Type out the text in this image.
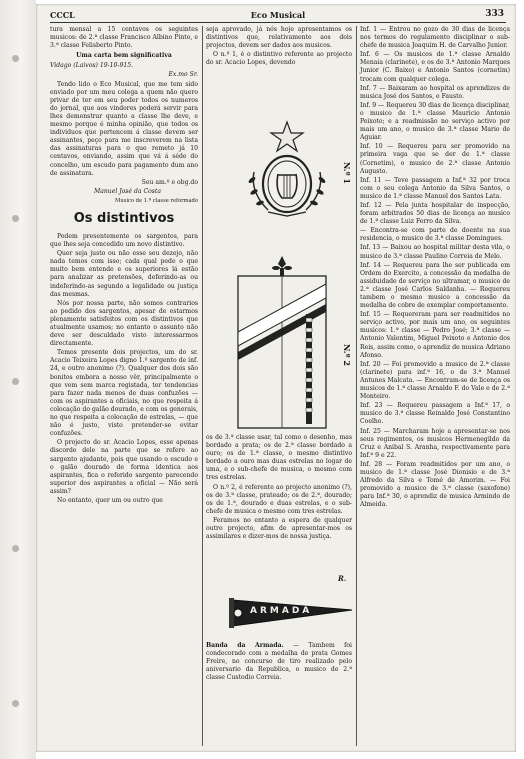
CCCL	Eco Musical	333

tura mensal a 15 centavos os seguintes musicos: de 2.ª classe Francisco Albino Pinto, e 3.ª classe Felisberto Pinto.

Uma carta bem significativa

Vidago (Laivos) 19-10-915.

Ex.mo Sr.

Tendo lido o Eco Musical, que me tem sido enviado por um meu colega a quem não quero privar de ter em seu poder todos os numeros do jornal, que aos vindores poderá servir para lhes demonstrar quanto a classe lhe deve, e mesmo porque é minha opinião, que todos os individuos que pertencem á classe devem ser assinantes, peço para me inscreverem na lista das assinaturas para o que remeto já 10 centavos, enviando, assim que vá á séde do concelho, um escudo para pagamento dum ano de assinatura.

Seu am.º e obg.do

Manuel José da Costa

Musico de 1.ª classe reformado

Os distintivos

Pedem presentemente os sargentos, para que lhes seja concedido um novo distintivo.

Quer seja justo ou não esse seu dezejo, não nada temos com isso; cada qual pede o que muito bem entende e os superiores lá estão para analizar as pretensões, deferindo-as ou indeferindo-as segundo a legalidade ou justiça das mesmas.

Nós por nossa parte, não somos contrarios ao pedido dos sargentos, apesar de estarmos plenamente satisfeitos com os distintivos que atualmente usamos; no entanto o assunto não deve ser desculdado visto interessarmos directamente.

Temos presente dois projectos, um do sr. Acacio Teixeira Lopes digno 1.º sargento de inf. 24, e outro anonimo (?). Qualquer dos dois são bonitos embora a nosso vêr, principalmente o que vem sem marca registada, ter tendencias para fazer nada menos de duas confuzões — com os aspirantes a oficiais, no que respeita á colocação do galão dourado, e com os generais, no que respeita a colocação de estrelas, — que não é justo, visto pretender-se evitar confuzões.

O projecto do sr. Acacio Lopes, esse apenas discorde dele na parte que se refere ao sargento ajudante, pois que usando o escudo e o galão dourado de forma identica aos aspirantes, fica o referido sargento parecendo superior dos aspirantes a oficial — Não será assim?

No entanto, quer um ou outro que

seja aprovado, já nós hoje apresentamos os distintivos que, relativamente aos dois projectos, devem ser dados aos musicos.

O n.º 1, é o distintivo referente ao projecto do sr. Acacio Lopes, devendo

N.º 1
N.º 2

os de 3.ª classe usar, tal como o desenho, mas bordado a prata; os de 2.ª classe bordado a ouro; os de 1.ª classe, o mesmo distintivo bordado a ouro mas duas estrelas no logar de uma, e o sub-chefe de musica, o mesmo com tres estrelas.

O n.º 2, é referente ao projecto anonimo (?), os de 3.ª classe, prateado; os de 2.ª, dourado; os de 1.ª, dourado e duas estrelas, e o sub-chefe de musica o mesmo com tres estrelas.

Feramos no entanto a espera de qualquer outro projecto, afim de apresentar-mos os assimilares e dizer-mos de nossa justiça.

R.
ARMADA
Banda da Armada. — Tambem foi condecorado com a medalha de prata Gomes Freire, no concurso de tiro realizado pelo aniversario da Republica, o musico de 2.ª classe Custodio Correia.

Inf. 1 — Entrou no gozo de 30 dias de licença nos termos do regulamento disciplinar o sub-chefe de musica Joaquim H. de Carvalho Junior.

Inf. 6 — Os musicos de 1.ª classe Arnaldo Menaia (clarinete), e os de 3.ª Antonio Marques Junior (C. Baixo) e Antonio Santos (cornetim) trocam com qualquer colega.

Inf. 7 — Baixaram ao hospital os aprendizes de musica José dos Santos, e Fausto.

Inf. 9 — Requereu 30 dias de licença disciplinar, o musico de 1.ª classe Mauricio Antonio Peixoto; e a readmissão no serviço activo por mais um ano, o musico de 3.ª classe Mario de Aguiar.

Inf. 10 — Requereu para ser promovido na primeira vaga que se der de 1.ª classe (Cornetim), o musico de 2.ª classe Antonio Augusto.

Inf. 11 — Teve passagem a Inf.ª 32 por troca com o seu colega Antonio da Silva Santos, o musico de 1.ª classe Manuel dos Santos Lata.

Inf. 12 — Pela junta hospitalar de inspecção, foram arbitrados 50 dias de licença ao musico de 1.ª classe Luiz Ferro da Silva.

— Encontra-se com parte de doente na sua residencia, o musico de 3.ª classe Domingues.

Inf. 13 — Baixou ao hospital militar desta vila, o musico de 3.ª classe Paulino Correia de Melo.

Inf. 14 — Requereu para lhe ser publicada em Ordem do Exercito, a concessão da medalha de assiduidade de serviço no ultramar, o musico de 2.ª classe José Carlos Saldanha. — Requereu tambem o mesmo musico a concessão da medalha de cobre de exemplar comportamento.

Inf. 15 — Requereram para ser readmitidos no serviço activo, por mais um ano, os seguintes musicos: 1.ª classe — Pedro José; 3.ª classe — Antonio Valentim, Miguel Peixoto e Antonio dos Reis, assim como, o aprendiz de musica Adriano Afonso.

Inf. 20 — Foi promovido a musico de 2.ª classe (clarinete) para inf.ª 16, o de 3.ª Manuel Antunes Malcata. — Encontram-se de licença os musicos de 1.ª classe Arnaldo F. do Vale e de 2.ª Monteiro.

Inf. 23 — Requereu passagem a Inf.ª 17, o musico de 3.ª classe Reinaldo José Constantino Coelho.

Inf. 25 — Marcharam hoje a apresentar-se nos seus regimentos, os musicos Hermenegildo da Cruz e Anibal S. Aranha, respectivamente para Inf.ª 9 e 22.

Inf. 28 — Foram readmitidos por um ano, o musico de 1.ª classe José Dionisio e de 3.ª Alfredo da Silva e Tomé de Amorim. — Foi promovido a musico de 3.ª classe (saxofone) para Inf.ª 30, o aprendiz de musica Armindo de Almeida.
